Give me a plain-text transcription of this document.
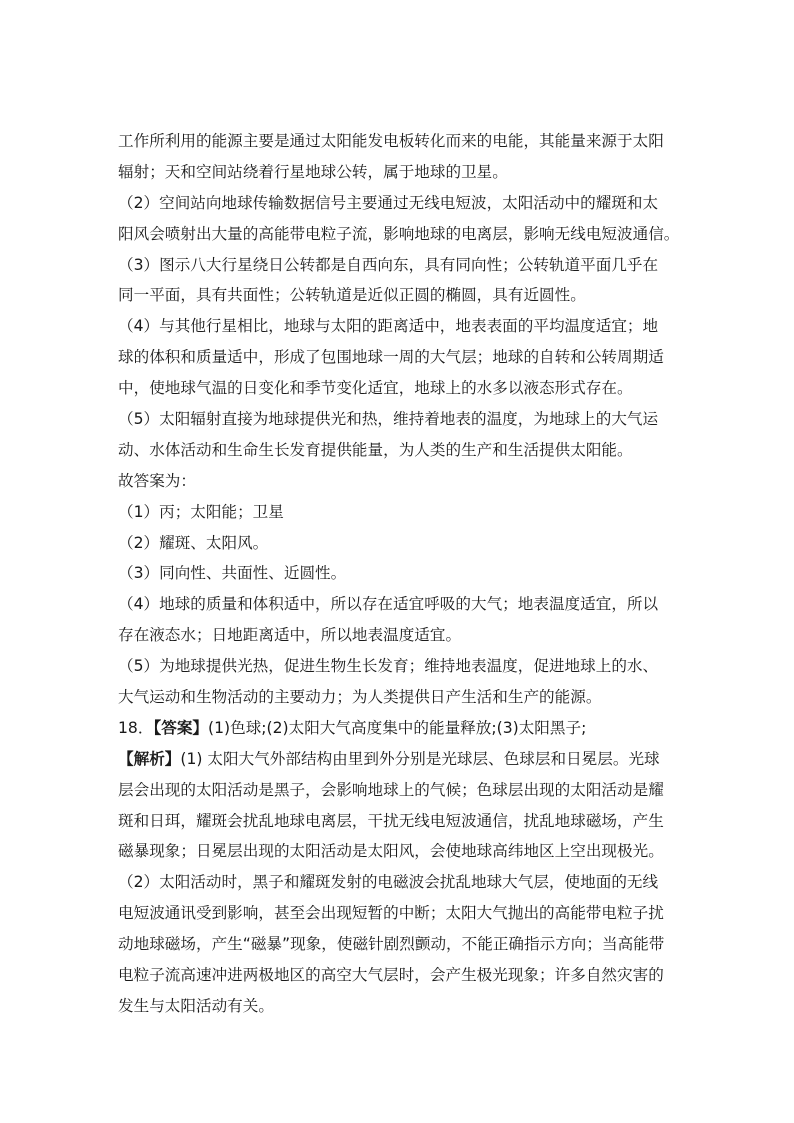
工作所利用的能源主要是通过太阳能发电板转化而来的电能，其能量来源于太阳
辐射；天和空间站绕着行星地球公转，属于地球的卫星。
（2）空间站向地球传输数据信号主要通过无线电短波，太阳活动中的耀斑和太
阳风会喷射出大量的高能带电粒子流，影响地球的电离层，影响无线电短波通信。
（3）图示八大行星绕日公转都是自西向东，具有同向性；公转轨道平面几乎在
同一平面，具有共面性；公转轨道是近似正圆的椭圆，具有近圆性。
（4）与其他行星相比，地球与太阳的距离适中，地表表面的平均温度适宜；地
球的体积和质量适中，形成了包围地球一周的大气层；地球的自转和公转周期适
中，使地球气温的日变化和季节变化适宜，地球上的水多以液态形式存在。
（5）太阳辐射直接为地球提供光和热，维持着地表的温度，为地球上的大气运
动、水体活动和生命生长发育提供能量，为人类的生产和生活提供太阳能。
故答案为：
（1）丙；太阳能；卫星
（2）耀斑、太阳风。
（3）同向性、共面性、近圆性。
（4）地球的质量和体积适中，所以存在适宜呼吸的大气；地表温度适宜，所以
存在液态水；日地距离适中，所以地表温度适宜。
（5）为地球提供光热，促进生物生长发育；维持地表温度，促进地球上的水、
大气运动和生物活动的主要动力；为人类提供日产生活和生产的能源。
18．【答案】(1)色球;(2)太阳大气高度集中的能量释放;(3)太阳黑子;
【解析】(1) 太阳大气外部结构由里到外分别是光球层、色球层和日冕层。光球
层会出现的太阳活动是黑子，会影响地球上的气候；色球层出现的太阳活动是耀
斑和日珥，耀斑会扰乱地球电离层，干扰无线电短波通信，扰乱地球磁场，产生
磁暴现象；日冕层出现的太阳活动是太阳风，会使地球高纬地区上空出现极光。
（2）太阳活动时，黑子和耀斑发射的电磁波会扰乱地球大气层，使地面的无线
电短波通讯受到影响，甚至会出现短暂的中断；太阳大气抛出的高能带电粒子扰
动地球磁场，产生“磁暴”现象，使磁针剧烈颤动，不能正确指示方向；当高能带
电粒子流高速冲进两极地区的高空大气层时，会产生极光现象；许多自然灾害的
发生与太阳活动有关。
